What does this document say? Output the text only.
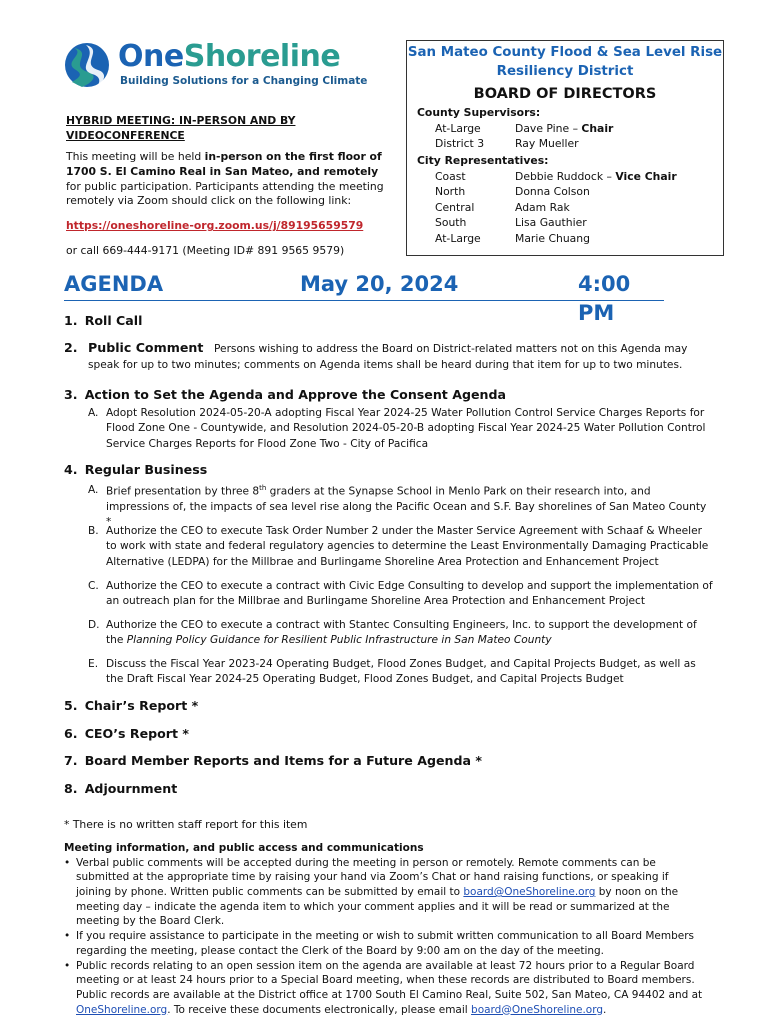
OneShoreline
Building Solutions for a Changing Climate
HYBRID MEETING: IN-PERSON AND BY VIDEOCONFERENCE

This meeting will be held in-person on the first floor of 1700 S. El Camino Real in San Mateo, and remotely for public participation. Participants attending the meeting remotely via Zoom should click on the following link:

https://oneshoreline-org.zoom.us/j/89195659579
or call 669-444-9171 (Meeting ID# 891 9565 9579)
San Mateo County Flood & Sea Level Rise Resiliency District
BOARD OF DIRECTORS
County Supervisors:
At-Large	Dave Pine – Chair
District 3	Ray Mueller
City Representatives:
Coast	Debbie Ruddock – Vice Chair
North	Donna Colson
Central	Adam Rak
South	Lisa Gauthier
At-Large	Marie Chuang
AGENDA	May 20, 2024	4:00 PM
1. Roll Call
2. Public Comment Persons wishing to address the Board on District-related matters not on this Agenda may speak for up to two minutes; comments on Agenda items shall be heard during that item for up to two minutes.
3. Action to Set the Agenda and Approve the Consent Agenda
A. Adopt Resolution 2024-05-20-A adopting Fiscal Year 2024-25 Water Pollution Control Service Charges Reports for Flood Zone One - Countywide, and Resolution 2024-05-20-B adopting Fiscal Year 2024-25 Water Pollution Control Service Charges Reports for Flood Zone Two - City of Pacifica
4. Regular Business
A. Brief presentation by three 8th graders at the Synapse School in Menlo Park on their research into, and impressions of, the impacts of sea level rise along the Pacific Ocean and S.F. Bay shorelines of San Mateo County *
B. Authorize the CEO to execute Task Order Number 2 under the Master Service Agreement with Schaaf & Wheeler to work with state and federal regulatory agencies to determine the Least Environmentally Damaging Practicable Alternative (LEDPA) for the Millbrae and Burlingame Shoreline Area Protection and Enhancement Project
C. Authorize the CEO to execute a contract with Civic Edge Consulting to develop and support the implementation of an outreach plan for the Millbrae and Burlingame Shoreline Area Protection and Enhancement Project
D. Authorize the CEO to execute a contract with Stantec Consulting Engineers, Inc. to support the development of the Planning Policy Guidance for Resilient Public Infrastructure in San Mateo County
E. Discuss the Fiscal Year 2023-24 Operating Budget, Flood Zones Budget, and Capital Projects Budget, as well as the Draft Fiscal Year 2024-25 Operating Budget, Flood Zones Budget, and Capital Projects Budget
5. Chair’s Report *
6. CEO’s Report *
7. Board Member Reports and Items for a Future Agenda *
8. Adjournment
* There is no written staff report for this item
Meeting information, and public access and communications
• Verbal public comments will be accepted during the meeting in person or remotely. Remote comments can be submitted at the appropriate time by raising your hand via Zoom’s Chat or hand raising functions, or speaking if joining by phone. Written public comments can be submitted by email to board@OneShoreline.org by noon on the meeting day – indicate the agenda item to which your comment applies and it will be read or summarized at the meeting by the Board Clerk.
• If you require assistance to participate in the meeting or wish to submit written communication to all Board Members regarding the meeting, please contact the Clerk of the Board by 9:00 am on the day of the meeting.
• Public records relating to an open session item on the agenda are available at least 72 hours prior to a Regular Board meeting or at least 24 hours prior to a Special Board meeting, when these records are distributed to Board members. Public records are available at the District office at 1700 South El Camino Real, Suite 502, San Mateo, CA 94402 and at OneShoreline.org. To receive these documents electronically, please email board@OneShoreline.org.
